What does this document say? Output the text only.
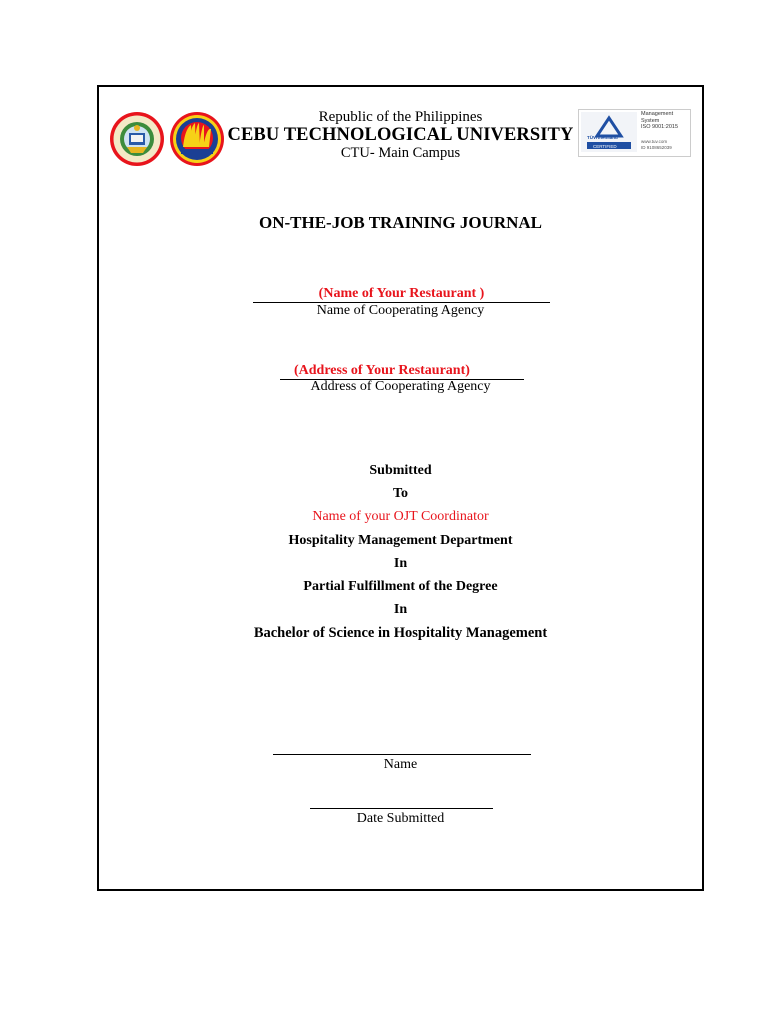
Republic of the Philippines
CEBU TECHNOLOGICAL UNIVERSITY
CTU- Main Campus
Management
System
ISO 9001:2015
www.tuv.com
ID 9108652039
TÜVRheinland
CERTIFIED
ON-THE-JOB TRAINING JOURNAL
(Name of Your Restaurant )
Name of Cooperating Agency
(Address of Your Restaurant)
Address of Cooperating Agency
Submitted
To
Name of your OJT Coordinator
Hospitality Management Department
In
Partial Fulfillment of the Degree
In
Bachelor of Science in Hospitality Management
Name
Date Submitted
